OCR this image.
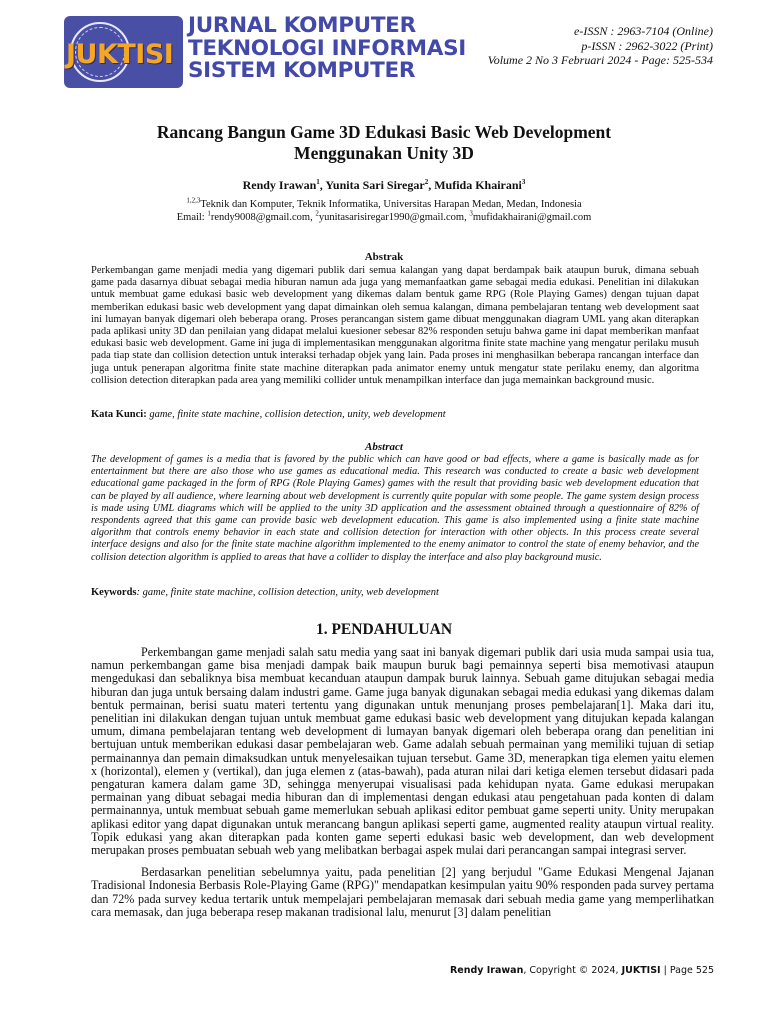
JUKTISI
JURNAL KOMPUTER
TEKNOLOGI INFORMASI
SISTEM KOMPUTER
e-ISSN : 2963-7104 (Online)
p-ISSN : 2962-3022 (Print)
Volume 2 No 3 Februari 2024 - Page: 525-534
Rancang Bangun Game 3D Edukasi Basic Web Development
Menggunakan Unity 3D
Rendy Irawan$^1$, Yunita Sari Siregar$^2$, Mufida Khairani$^3$
$^{1,2,3}$Teknik dan Komputer, Teknik Informatika, Universitas Harapan Medan, Medan, Indonesia
Email: $^1$rendy9008@gmail.com, $^2$yunitasarisiregar1990@gmail.com, $^3$mufidakhairani@gmail.com
Abstrak
Perkembangan game menjadi media yang digemari publik dari semua kalangan yang dapat berdampak baik ataupun buruk, dimana sebuah game pada dasarnya dibuat sebagai media hiburan namun ada juga yang memanfaatkan game sebagai media edukasi. Penelitian ini dilakukan untuk membuat game edukasi basic web development yang dikemas dalam bentuk game RPG (Role Playing Games) dengan tujuan dapat memberikan edukasi basic web development yang dapat dimainkan oleh semua kalangan, dimana pembelajaran tentang web development saat ini lumayan banyak digemari oleh beberapa orang. Proses perancangan sistem game dibuat menggunakan diagram UML yang akan diterapkan pada aplikasi unity 3D dan penilaian yang didapat melalui kuesioner sebesar 82% responden setuju bahwa game ini dapat memberikan manfaat edukasi basic web development. Game ini juga di implementasikan menggunakan algoritma finite state machine yang mengatur perilaku musuh pada tiap state dan collision detection untuk interaksi terhadap objek yang lain. Pada proses ini menghasilkan beberapa rancangan interface dan juga untuk penerapan algoritma finite state machine diterapkan pada animator enemy untuk mengatur state perilaku enemy, dan algoritma collision detection diterapkan pada area yang memiliki collider untuk menampilkan interface dan juga memainkan background music.
Kata Kunci: game, finite state machine, collision detection, unity, web development
Abstract
The development of games is a media that is favored by the public which can have good or bad effects, where a game is basically made as for entertainment but there are also those who use games as educational media. This research was conducted to create a basic web development educational game packaged in the form of RPG (Role Playing Games) games with the result that providing basic web development education that can be played by all audience, where learning about web development is currently quite popular with some people. The game system design process is made using UML diagrams which will be applied to the unity 3D application and the assessment obtained through a questionnaire of 82% of respondents agreed that this game can provide basic web development education. This game is also implemented using a finite state machine algorithm that controls enemy behavior in each state and collision detection for interaction with other objects. In this process create several interface designs and also for the finite state machine algorithm implemented to the enemy animator to control the state of enemy behavior, and the collision detection algorithm is applied to areas that have a collider to display the interface and also play background music.
Keywords: game, finite state machine, collision detection, unity, web development
1. PENDAHULUAN

Perkembangan game menjadi salah satu media yang saat ini banyak digemari publik dari usia muda sampai usia tua, namun perkembangan game bisa menjadi dampak baik maupun buruk bagi pemainnya seperti bisa memotivasi ataupun mengedukasi dan sebaliknya bisa membuat kecanduan ataupun dampak buruk lainnya. Sebuah game ditujukan sebagai media hiburan dan juga untuk bersaing dalam industri game. Game juga banyak digunakan sebagai media edukasi yang dikemas dalam bentuk permainan, berisi suatu materi tertentu yang digunakan untuk menunjang proses pembelajaran[1]. Maka dari itu, penelitian ini dilakukan dengan tujuan untuk membuat game edukasi basic web development yang ditujukan kepada kalangan umum, dimana pembelajaran tentang web development di lumayan banyak digemari oleh beberapa orang dan penelitian ini bertujuan untuk memberikan edukasi dasar pembelajaran web. Game adalah sebuah permainan yang memiliki tujuan di setiap permainannya dan pemain dimaksudkan untuk menyelesaikan tujuan tersebut. Game 3D, menerapkan tiga elemen yaitu elemen x (horizontal), elemen y (vertikal), dan juga elemen z (atas-bawah), pada aturan nilai dari ketiga elemen tersebut didasari pada pengaturan kamera dalam game 3D, sehingga menyerupai visualisasi pada kehidupan nyata. Game edukasi merupakan permainan yang dibuat sebagai media hiburan dan di implementasi dengan edukasi atau pengetahuan pada konten di dalam permainannya, untuk membuat sebuah game memerlukan sebuah aplikasi editor pembuat game seperti unity. Unity merupakan aplikasi editor yang dapat digunakan untuk merancang bangun aplikasi seperti game, augmented reality ataupun virtual reality. Topik edukasi yang akan diterapkan pada konten game seperti edukasi basic web development, dan web development merupakan proses pembuatan sebuah web yang melibatkan berbagai aspek mulai dari perancangan sampai integrasi server.

Berdasarkan penelitian sebelumnya yaitu, pada penelitian [2] yang berjudul "Game Edukasi Mengenal Jajanan Tradisional Indonesia Berbasis Role-Playing Game (RPG)" mendapatkan kesimpulan yaitu 90% responden pada survey pertama dan 72% pada survey kedua tertarik untuk mempelajari pembelajaran memasak dari sebuah media game yang memperlihatkan cara memasak, dan juga beberapa resep makanan tradisional lalu, menurut [3] dalam penelitian

Rendy Irawan, Copyright © 2024, JUKTISI | Page 525
